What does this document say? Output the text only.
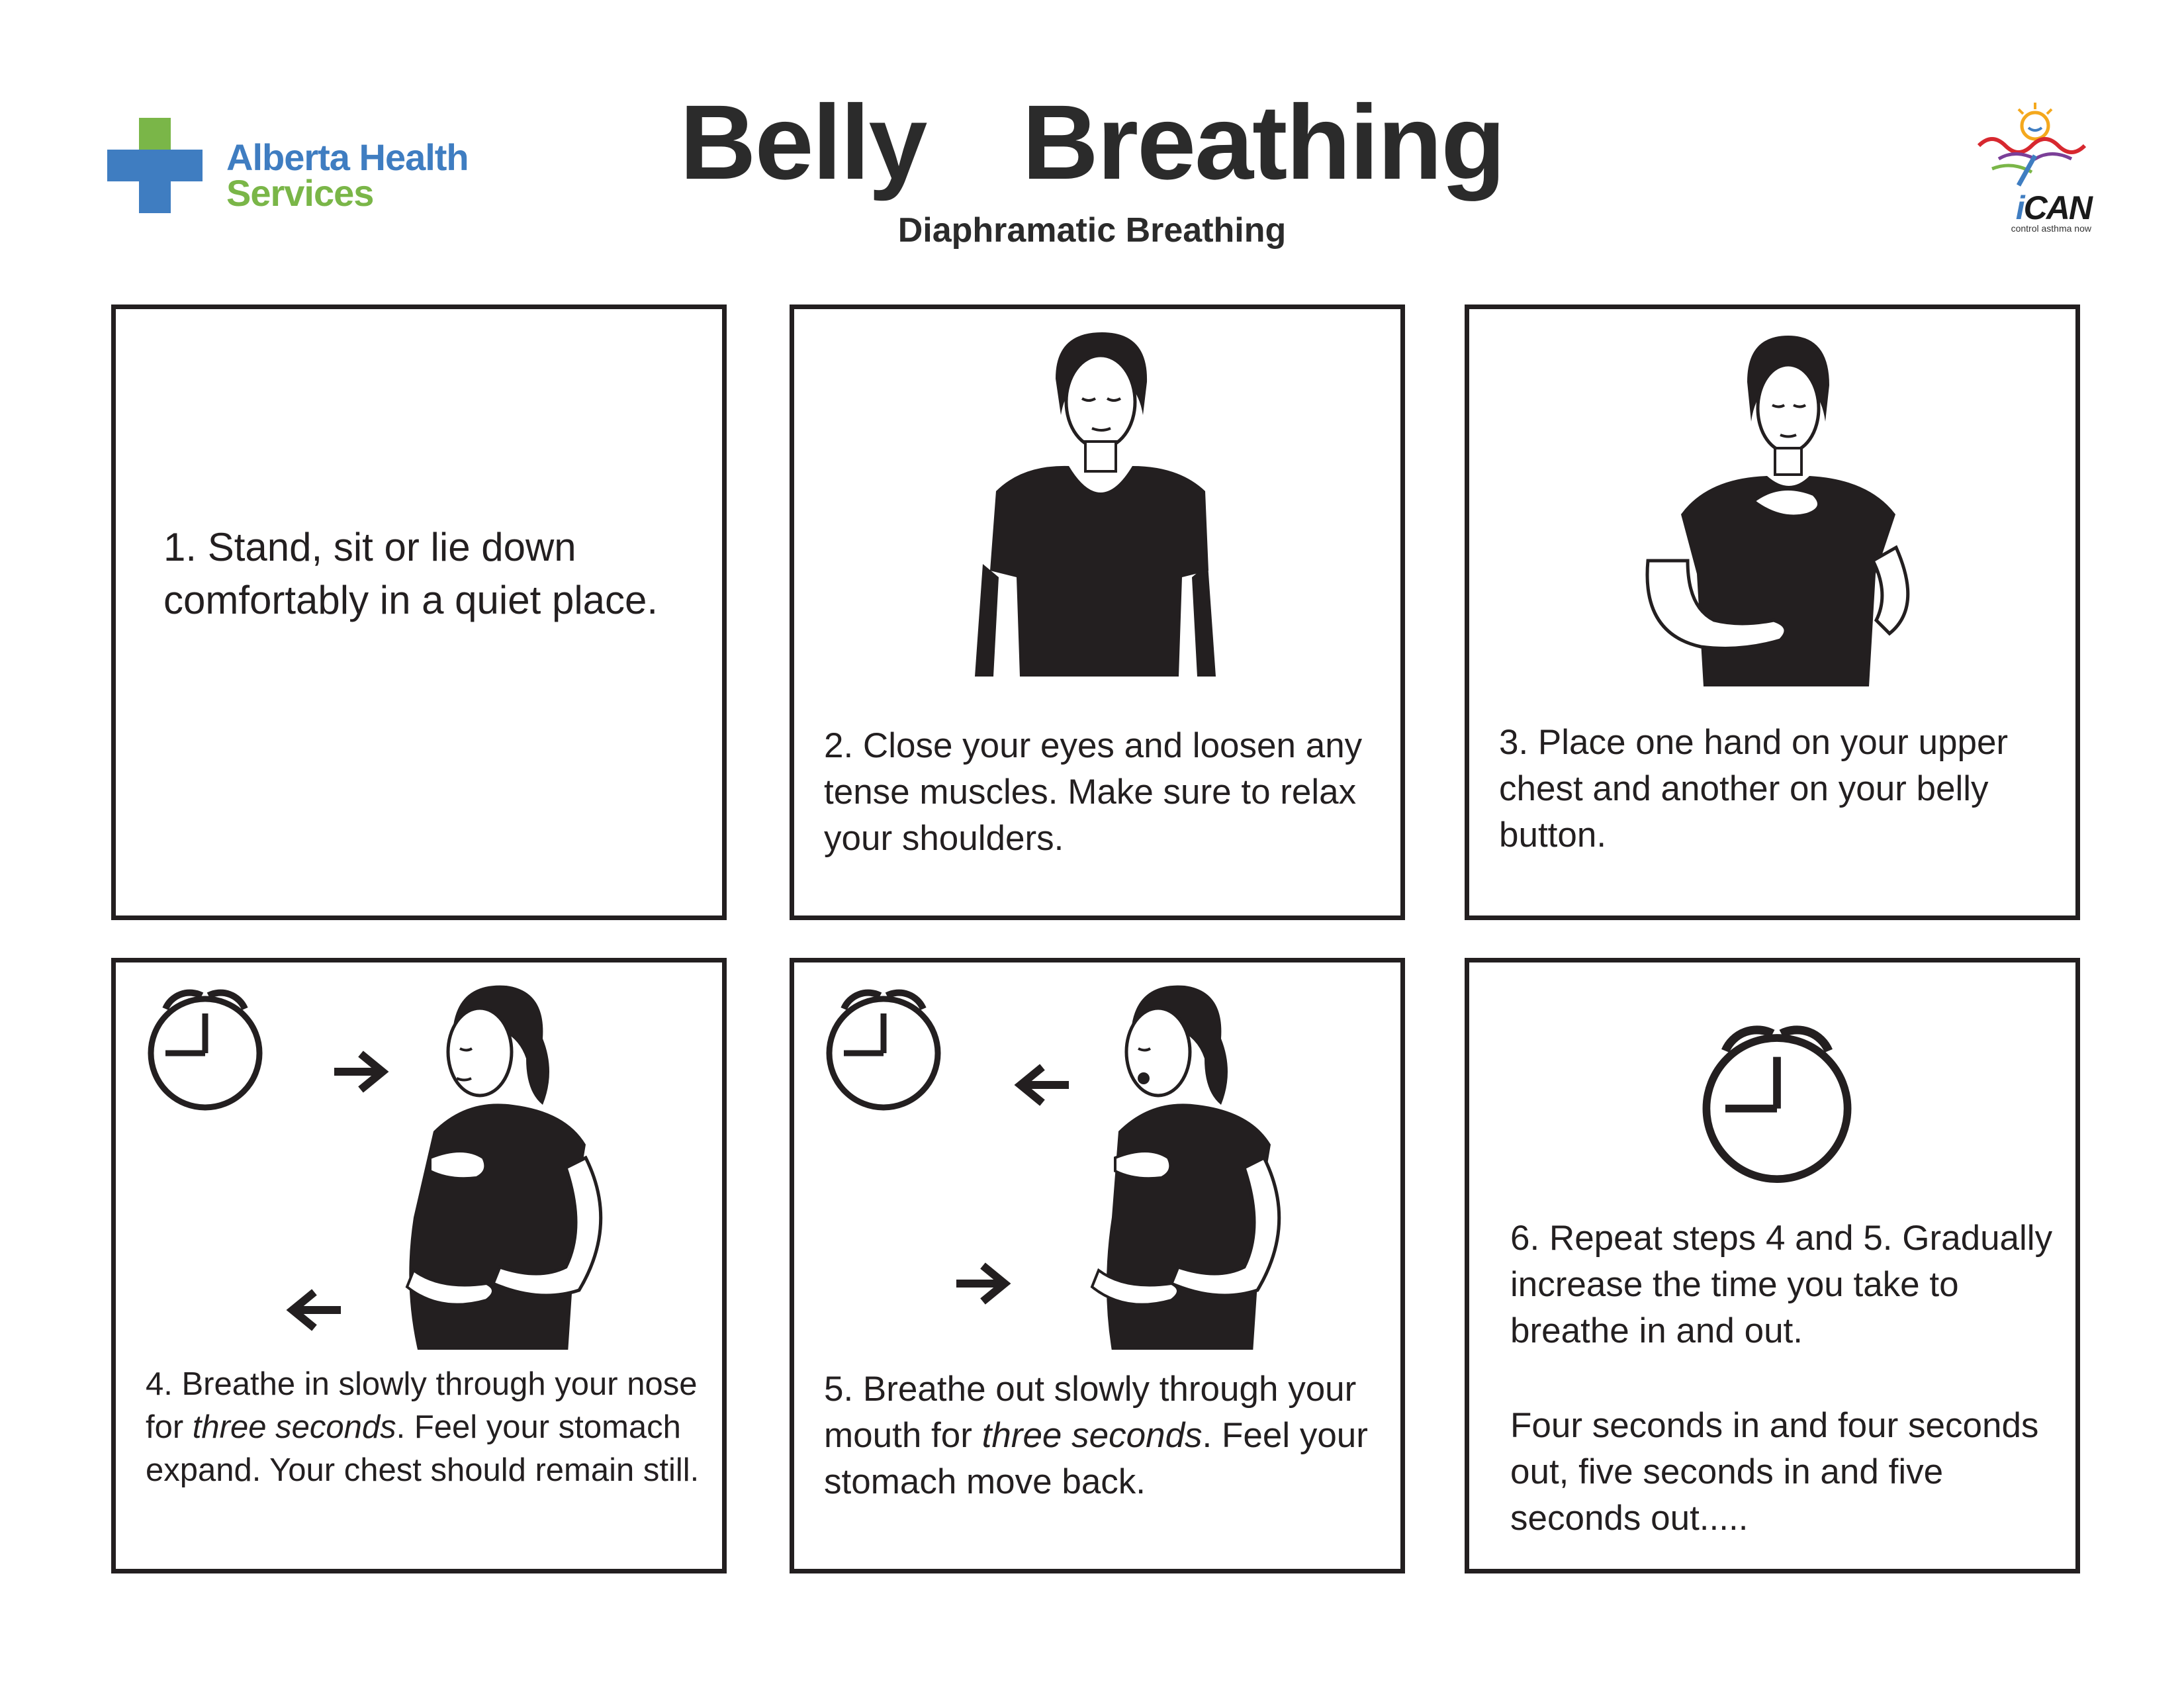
Alberta Health
Services	Belly  Breathing
Diaphramatic Breathing
iCAN
control asthma now
1. Stand, sit or lie down comfortably in a quiet place.
2. Close your eyes and loosen any tense muscles. Make sure to relax your shoulders.
3. Place one hand on your upper chest and another on your belly button.
4. Breathe in slowly through your nose for three seconds. Feel your stomach expand. Your chest should remain still.
5. Breathe out slowly through your mouth for three seconds. Feel your stomach move back.
6. Repeat steps 4 and 5. Gradually increase the time you take to breathe in and out.
Four seconds in and four seconds out, five seconds in and five seconds out.....
